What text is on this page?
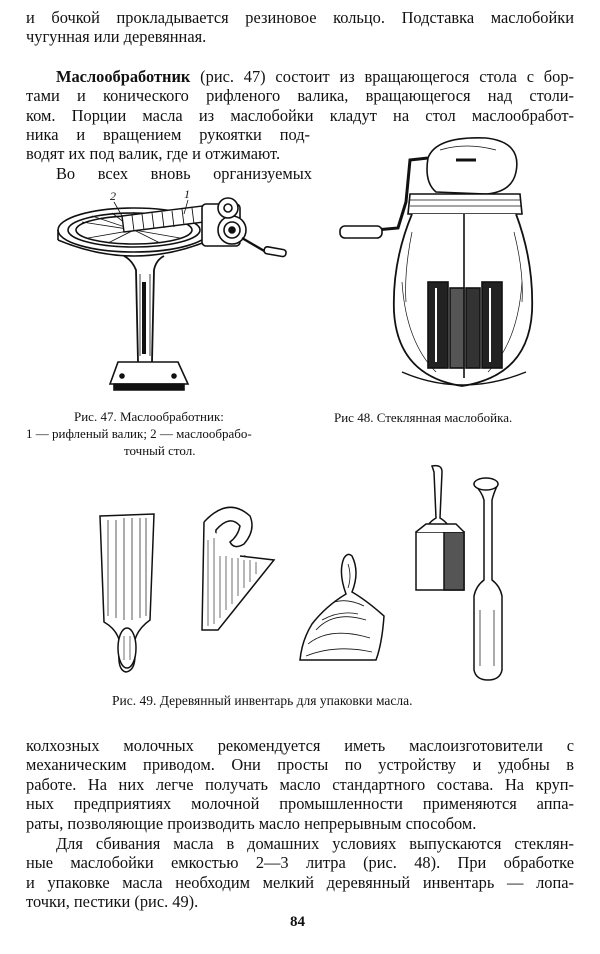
и бочкой прокладывается резиновое кольцо. Подставка маслобойки
чугунная или деревянная.
Маслообработник (рис. 47) состоит из вращающегося стола с бор-
тами и конического рифленого валика, вращающегося над столи-
ком. Порции масла из маслобойки кладут на стол маслообработ-
ника и вращением рукоятки под-
водят их под валик, где и отжимают.
Во всех вновь организуемых
2	1
Рис. 47. Маслообработник:
1 — рифленый валик; 2 — маслообрабо-
точный стол.
Рис 48. Стеклянная маслобойка.
Рис. 49. Деревянный инвентарь для упаковки масла.
колхозных молочных рекомендуется иметь маслоизготовители с
механическим приводом. Они просты по устройству и удобны в
работе. На них легче получать масло стандартного состава. На круп-
ных предприятиях молочной промышленности применяются аппа-
раты, позволяющие производить масло непрерывным способом.
Для сбивания масла в домашних условиях выпускаются стеклян-
ные маслобойки емкостью 2—3 литра (рис. 48). При обработке
и упаковке масла необходим мелкий деревянный инвентарь — лопа-
точки, пестики (рис. 49).
84
